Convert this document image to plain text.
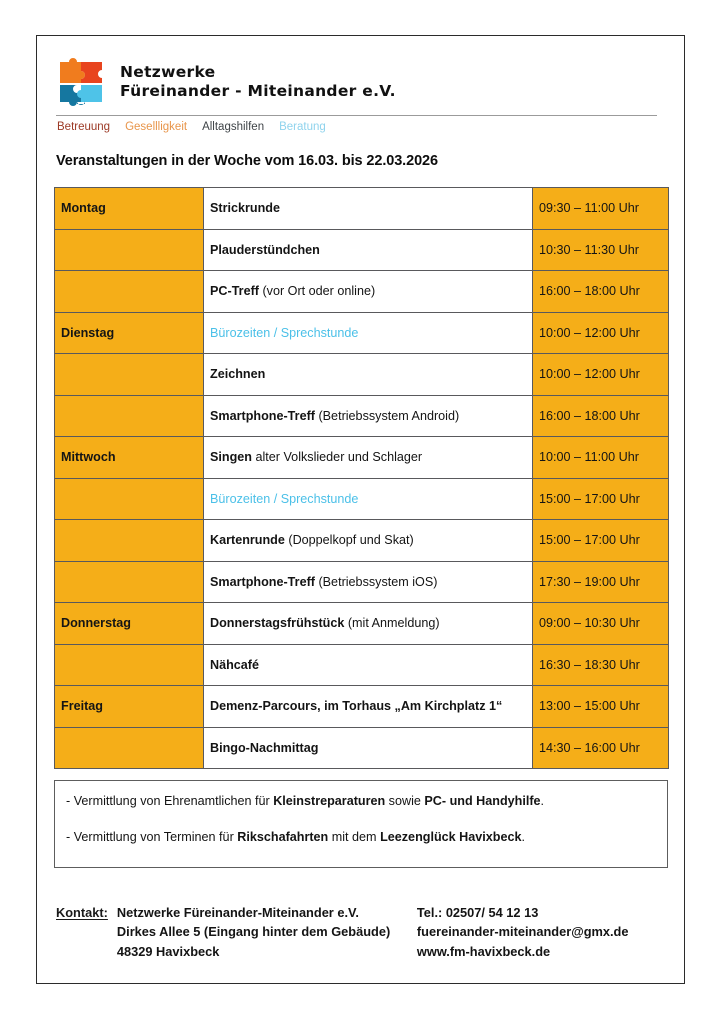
Netzwerke
Füreinander - Miteinander e.V.
Betreuung Gesellligkeit Alltagshilfen Beratung
Veranstaltungen in der Woche vom 16.03. bis 22.03.2026
Montag	Strickrunde	09:30 – 11:00 Uhr
	Plauderstündchen	10:30 – 11:30 Uhr
	PC-Treff (vor Ort oder online)	16:00 – 18:00 Uhr
Dienstag	Bürozeiten / Sprechstunde	10:00 – 12:00 Uhr
	Zeichnen	10:00 – 12:00 Uhr
	Smartphone-Treff (Betriebssystem Android)	16:00 – 18:00 Uhr
Mittwoch	Singen alter Volkslieder und Schlager	10:00 – 11:00 Uhr
	Bürozeiten / Sprechstunde	15:00 – 17:00 Uhr
	Kartenrunde (Doppelkopf und Skat)	15:00 – 17:00 Uhr
	Smartphone-Treff (Betriebssystem iOS)	17:30 – 19:00 Uhr
Donnerstag	Donnerstagsfrühstück (mit Anmeldung)	09:00 – 10:30 Uhr
	Nähcafé	16:30 – 18:30 Uhr
Freitag	Demenz-Parcours, im Torhaus „Am Kirchplatz 1“	13:00 – 15:00 Uhr
	Bingo-Nachmittag	14:30 – 16:00 Uhr
- Vermittlung von Ehrenamtlichen für Kleinstreparaturen sowie PC- und Handyhilfe.
- Vermittlung von Terminen für Rikschafahrten mit dem Leezenglück Havixbeck.
Kontakt: Netzwerke Füreinander-Miteinander e.V.
Dirkes Allee 5 (Eingang hinter dem Gebäude)
48329 Havixbeck
Tel.: 02507/ 54 12 13
fuereinander-miteinander@gmx.de
www.fm-havixbeck.de
